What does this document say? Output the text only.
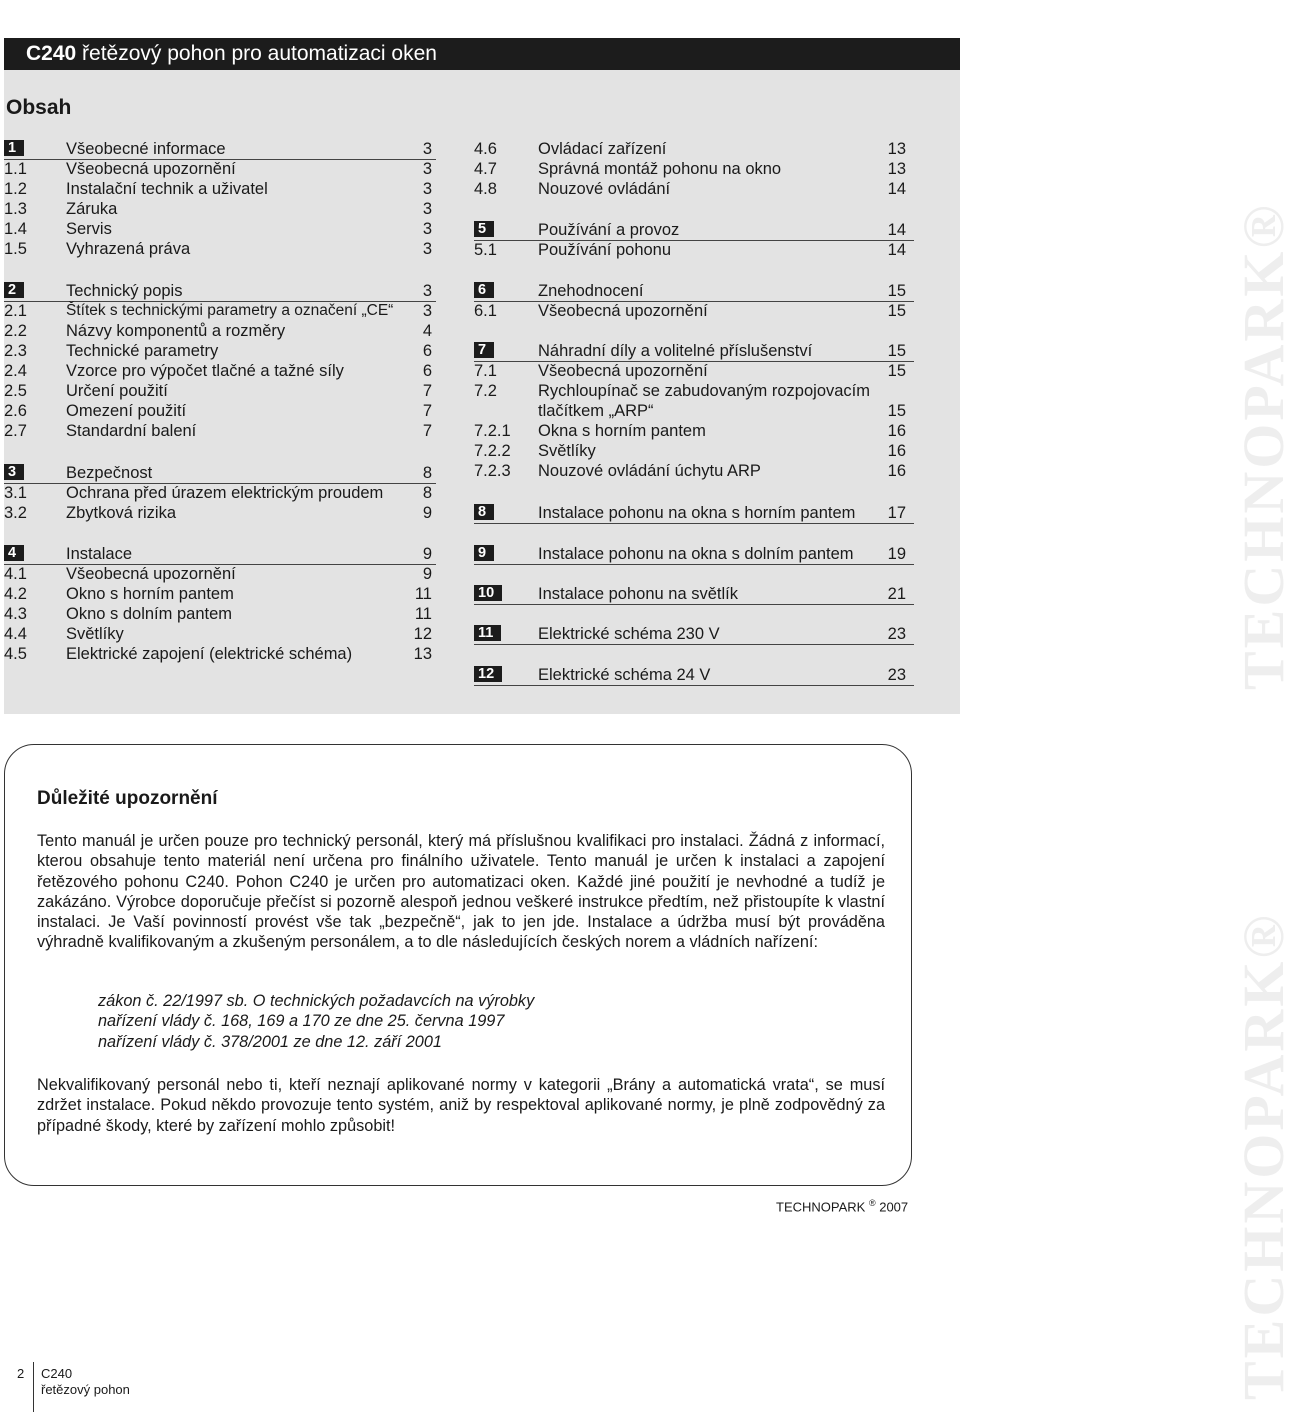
C240 řetězový pohon pro automatizaci oken
Obsah
1	Všeobecné informace	3
1.1 Všeobecná upozornění	3
1.2 Instalační technik a uživatel	3
1.3 Záruka	3
1.4 Servis	3
1.5 Vyhrazená práva	3
2	Technický popis	3
2.1	Štítek s technickými parametry a označení „CE“	3
2.2 Názvy komponentů a rozměry	4
2.3 Technické parametry	6
2.4 Vzorce pro výpočet tlačné a tažné síly	6
2.5 Určení použití	7
2.6 Omezení použití	7
2.7 Standardní balení	7
3	Bezpečnost	8
3.1 Ochrana před úrazem elektrickým proudem	8
3.2 Zbytková rizika	9
4	Instalace	9
4.1 Všeobecná upozornění	9
4.2 Okno s horním pantem	11
4.3 Okno s dolním pantem	11
4.4 Světlíky	12
4.5 Elektrické zapojení (elektrické schéma)	13
4.6 Ovládací zařízení	13
4.7 Správná montáž pohonu na okno	13
4.8 Nouzové ovládání	14
5	Používání a provoz	14
5.1 Používání pohonu	14
6	Znehodnocení	15
6.1 Všeobecná upozornění	15
7	Náhradní díly a volitelné příslušenství	15
7.1 Všeobecná upozornění	15
7.2 Rychloupínač se zabudovaným rozpojovacím
tlačítkem „ARP“	15
7.2.1 Okna s horním pantem	16
7.2.2 Světlíky	16
7.2.3 Nouzové ovládání úchytu ARP	16
8	Instalace pohonu na okna s horním pantem	17
9	Instalace pohonu na okna s dolním pantem	19
10	Instalace pohonu na světlík	21
11	Elektrické schéma 230 V	23
12	Elektrické schéma 24 V	23
Důležité upozornění

Tento manuál je určen pouze pro technický personál, který má příslušnou kvalifikaci pro instalaci. Žádná z informací, kterou obsahuje tento materiál není určena pro finálního uživatele. Tento manuál je určen k instalaci a zapojení řetězového pohonu C240. Pohon C240 je určen pro automatizaci oken. Každé jiné použití je nevhodné a tudíž je zakázáno. Výrobce doporučuje přečíst si pozorně alespoň jednou veškeré instrukce předtím, než přistoupíte k vlastní instalaci. Je Vaší povinností provést vše tak „bezpečně“, jak to jen jde. Instalace a údržba musí být prováděna výhradně kvalifikovaným a zkušeným personálem, a to dle následujících českých norem a vládních nařízení:

zákon č. 22/1997 sb. O technických požadavcích na výrobky
nařízení vlády č. 168, 169 a 170 ze dne 25. června 1997
nařízení vlády č. 378/2001 ze dne 12. září 2001

Nekvalifikovaný personál nebo ti, kteří neznají aplikované normy v kategorii „Brány a automatická vrata“, se musí zdržet instalace. Pokud někdo provozuje tento systém, aniž by respektoval aplikované normy, je plně zodpovědný za případné škody, které by zařízení mohlo způsobit!

TECHNOPARK ® 2007
TECHNOPARK®
TECHNOPARK®
2 C240
řetězový pohon
